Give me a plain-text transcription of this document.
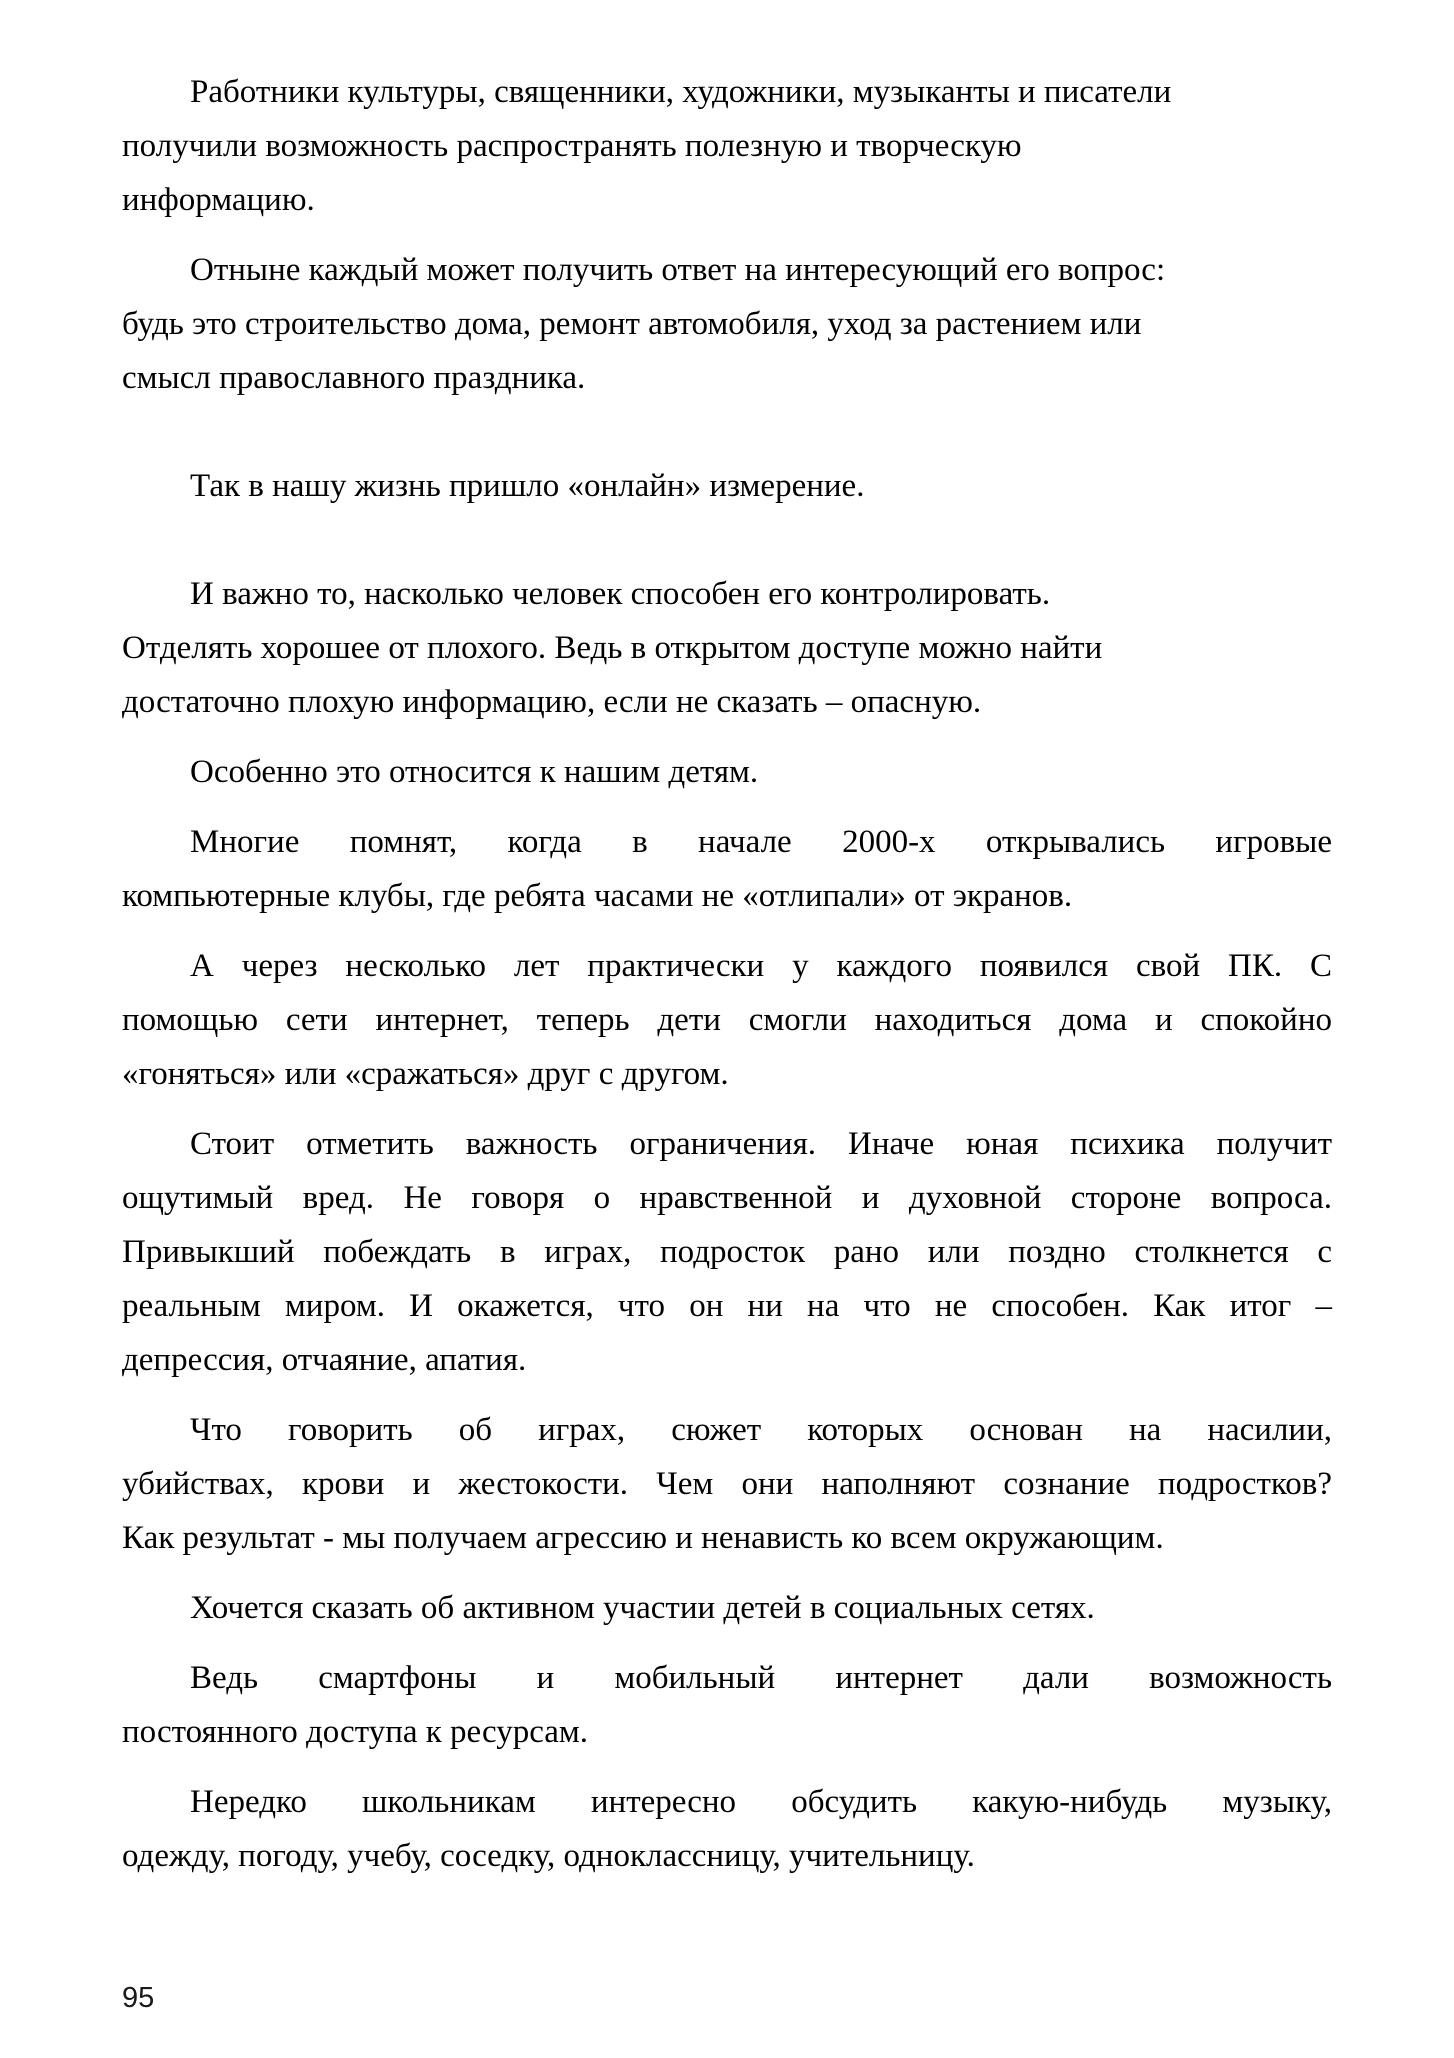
Работники культуры, священники, художники, музыканты и писатели
получили возможность распространять полезную и творческую
информацию.
Отныне каждый может получить ответ на интересующий его вопрос:
будь это строительство дома, ремонт автомобиля, уход за растением или
смысл православного праздника.
Так в нашу жизнь пришло «онлайн» измерение.
И важно то, насколько человек способен его контролировать.
Отделять хорошее от плохого. Ведь в открытом доступе можно найти
достаточно плохую информацию, если не сказать – опасную.
Особенно это относится к нашим детям.
Многие помнят, когда в начале 2000-х открывались игровые
компьютерные клубы, где ребята часами не «отлипали» от экранов.
А через несколько лет практически у каждого появился свой ПК. С
помощью сети интернет, теперь дети смогли находиться дома и спокойно
«гоняться» или «сражаться» друг с другом.
Стоит отметить важность ограничения. Иначе юная психика получит
ощутимый вред. Не говоря о нравственной и духовной стороне вопроса.
Привыкший побеждать в играх, подросток рано или поздно столкнется с
реальным миром. И окажется, что он ни на что не способен. Как итог –
депрессия, отчаяние, апатия.
Что говорить об играх, сюжет которых основан на насилии,
убийствах, крови и жестокости. Чем они наполняют сознание подростков?
Как результат - мы получаем агрессию и ненависть ко всем окружающим.
Хочется сказать об активном участии детей в социальных сетях.
Ведь смартфоны и мобильный интернет дали возможность
постоянного доступа к ресурсам.
Нередко школьникам интересно обсудить какую-нибудь музыку,
одежду, погоду, учебу, соседку, одноклассницу, учительницу.
95
